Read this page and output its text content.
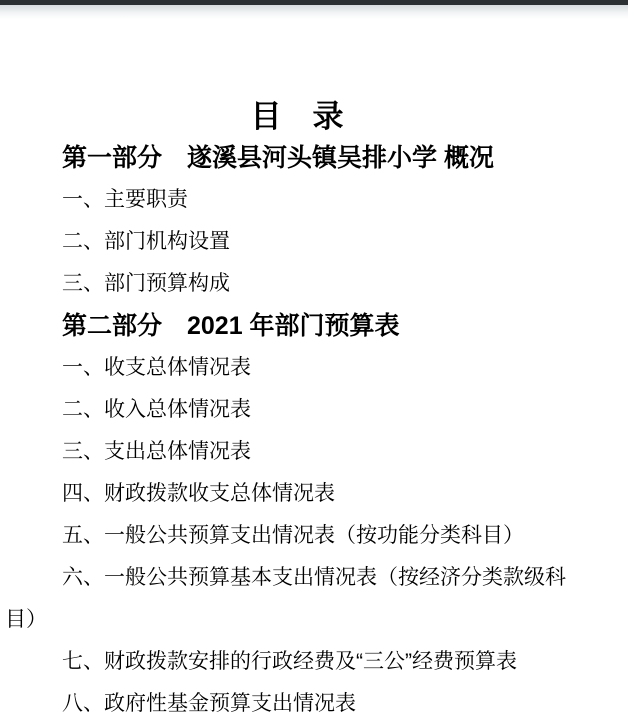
目　录

第一部分　遂溪县河头镇吴排小学 概况

一、主要职责

二、部门机构设置

三、部门预算构成

第二部分　2021 年部门预算表

一、收支总体情况表

二、收入总体情况表

三、支出总体情况表

四、财政拨款收支总体情况表

五、一般公共预算支出情况表（按功能分类科目）

六、一般公共预算基本支出情况表（按经济分类款级科目）

七、财政拨款安排的行政经费及“三公”经费预算表

八、政府性基金预算支出情况表
